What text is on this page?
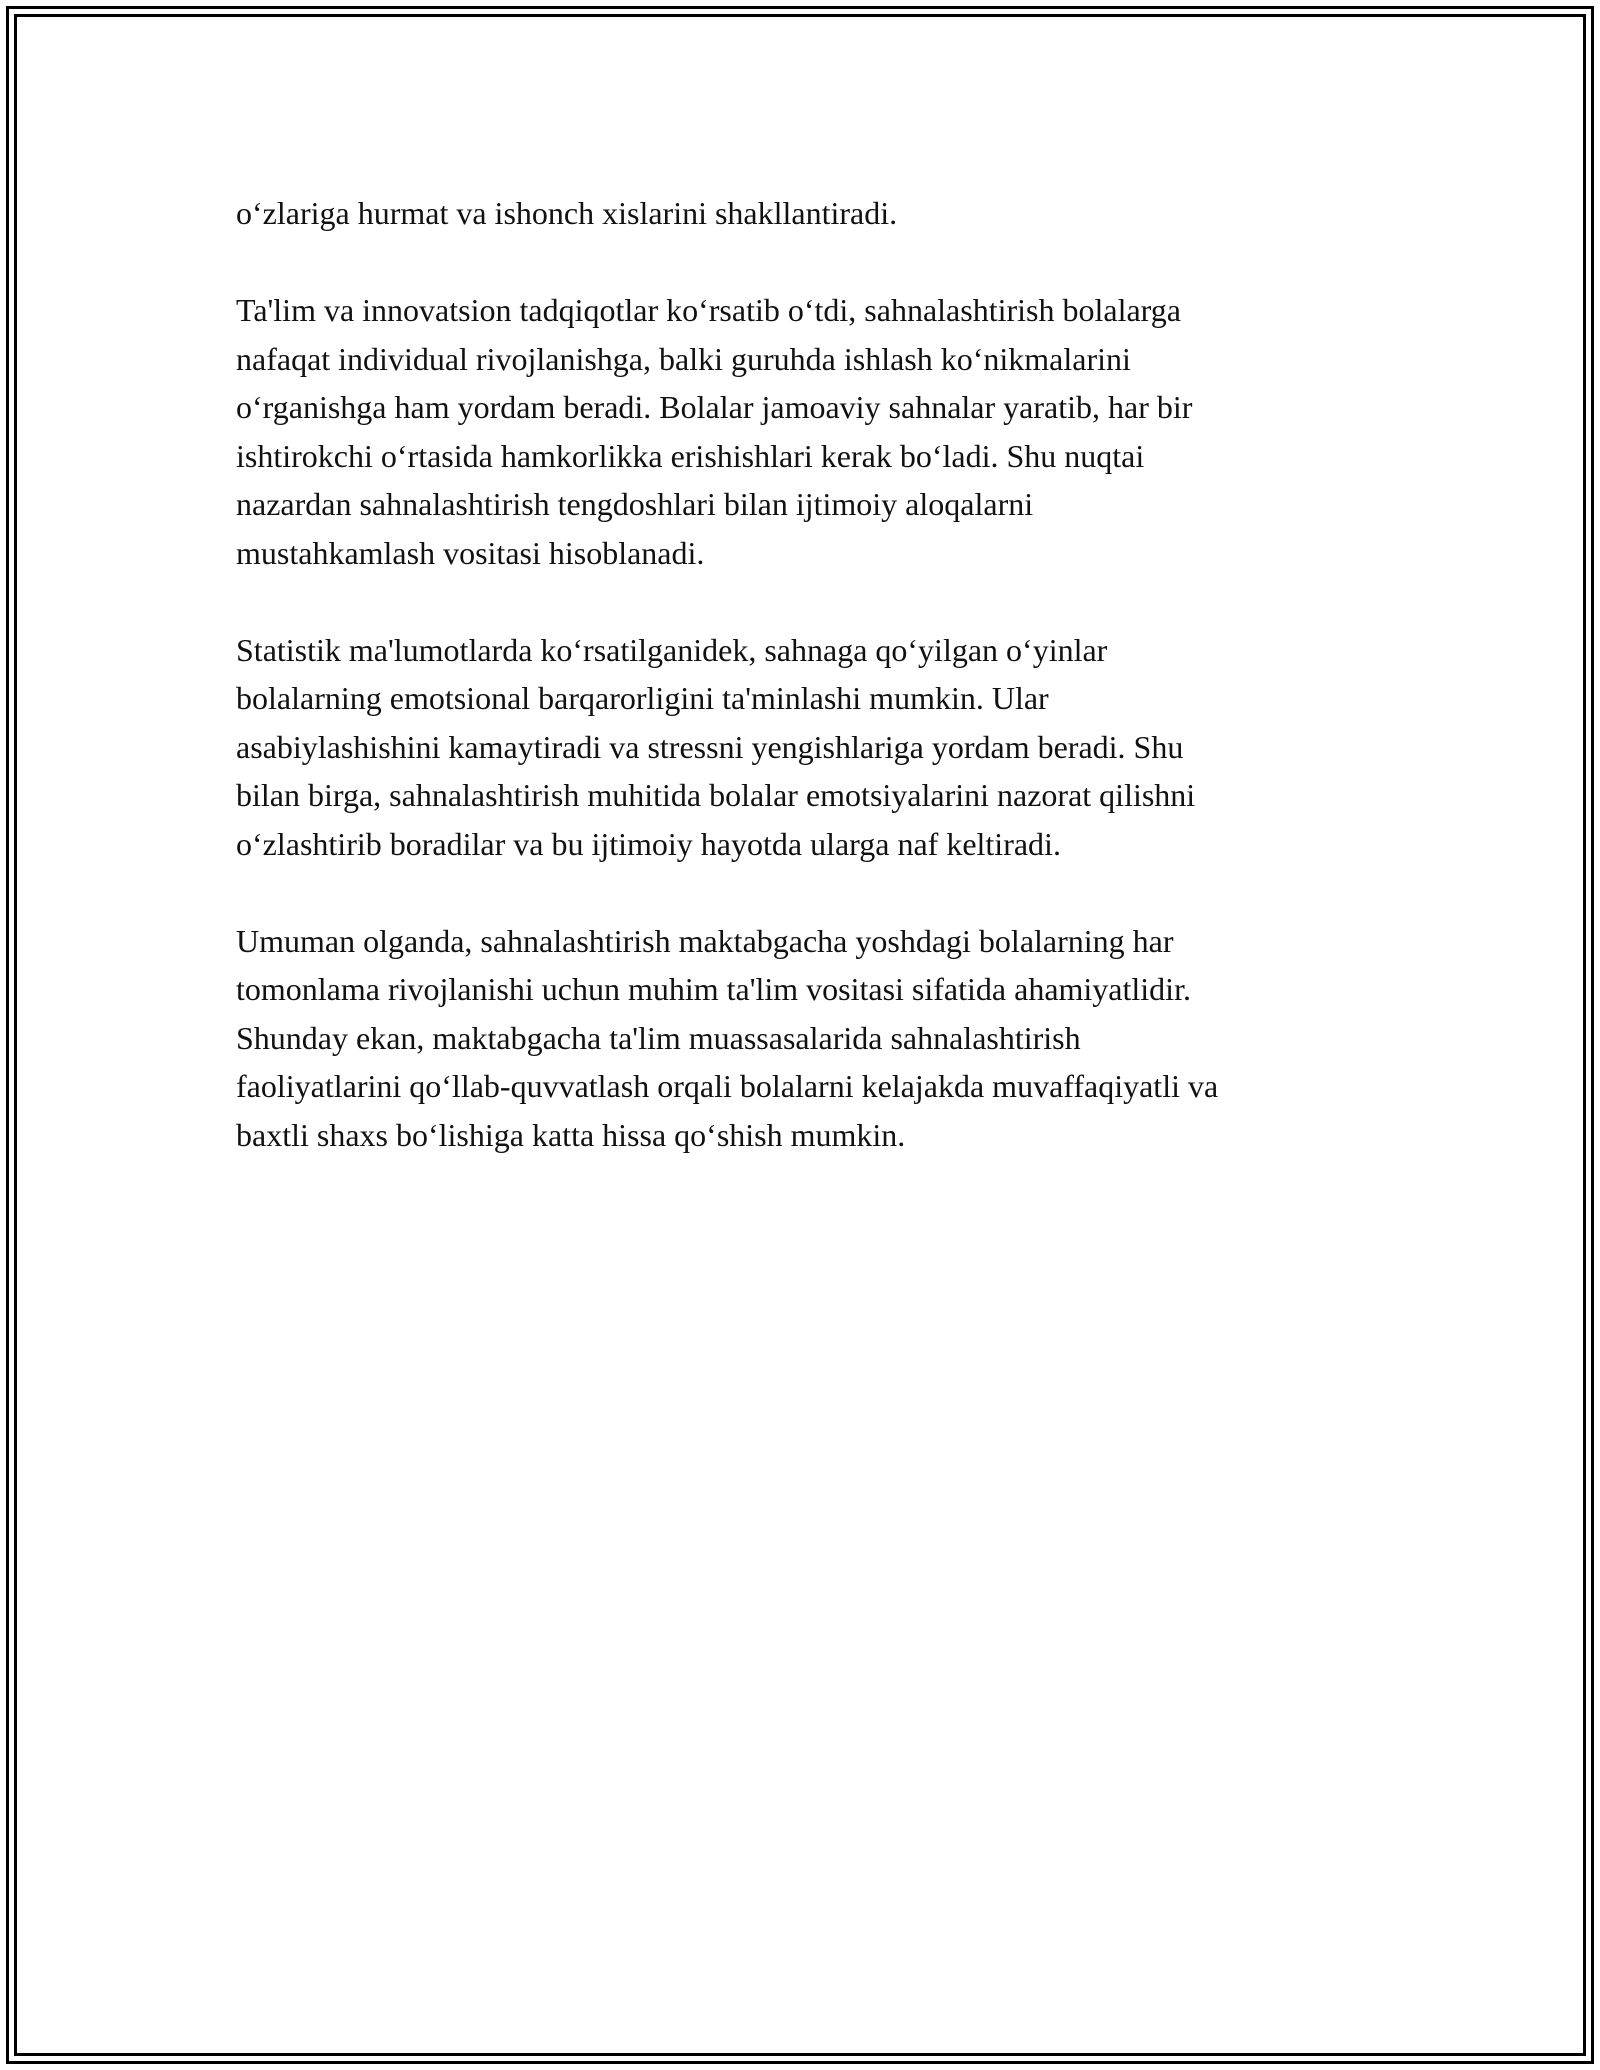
o‘zlariga hurmat va ishonch xislarini shakllantiradi.

Ta'lim va innovatsion tadqiqotlar ko‘rsatib o‘tdi, sahnalashtirish bolalarga
nafaqat individual rivojlanishga, balki guruhda ishlash ko‘nikmalarini
o‘rganishga ham yordam beradi. Bolalar jamoaviy sahnalar yaratib, har bir
ishtirokchi o‘rtasida hamkorlikka erishishlari kerak bo‘ladi. Shu nuqtai
nazardan sahnalashtirish tengdoshlari bilan ijtimoiy aloqalarni
mustahkamlash vositasi hisoblanadi.

Statistik ma'lumotlarda ko‘rsatilganidek, sahnaga qo‘yilgan o‘yinlar
bolalarning emotsional barqarorligini ta'minlashi mumkin. Ular
asabiylashishini kamaytiradi va stressni yengishlariga yordam beradi. Shu
bilan birga, sahnalashtirish muhitida bolalar emotsiyalarini nazorat qilishni
o‘zlashtirib boradilar va bu ijtimoiy hayotda ularga naf keltiradi.

Umuman olganda, sahnalashtirish maktabgacha yoshdagi bolalarning har
tomonlama rivojlanishi uchun muhim ta'lim vositasi sifatida ahamiyatlidir.
Shunday ekan, maktabgacha ta'lim muassasalarida sahnalashtirish
faoliyatlarini qo‘llab-quvvatlash orqali bolalarni kelajakda muvaffaqiyatli va
baxtli shaxs bo‘lishiga katta hissa qo‘shish mumkin.
